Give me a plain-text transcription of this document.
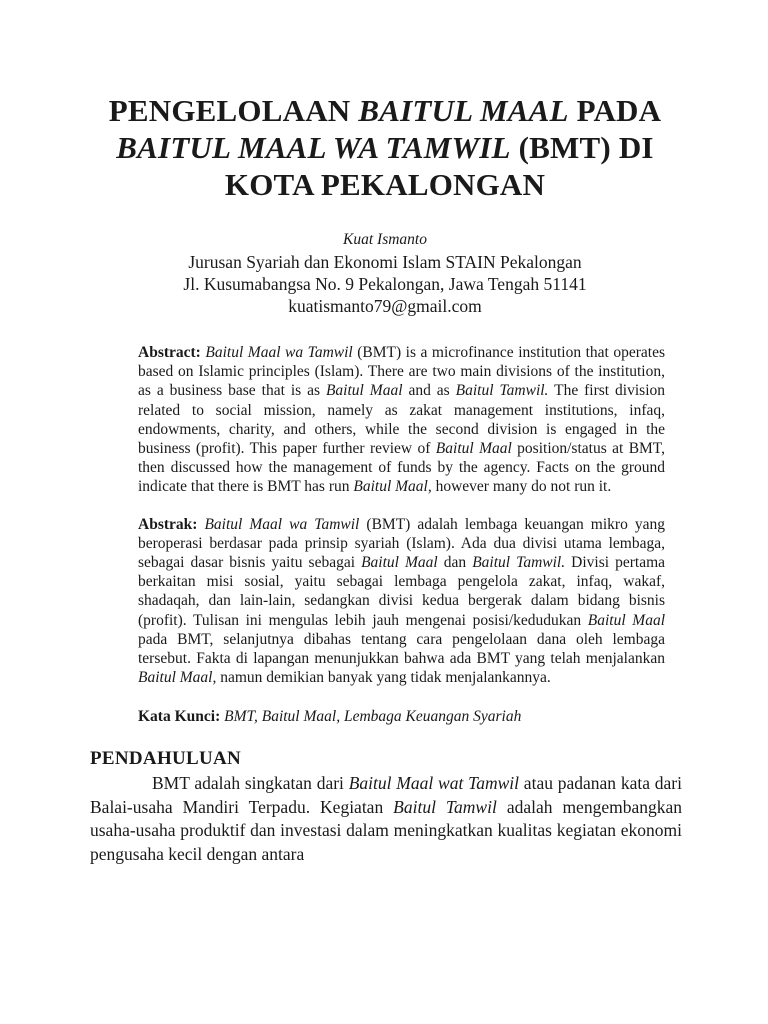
PENGELOLAAN BAITUL MAAL PADA
BAITUL MAAL WA TAMWIL (BMT) DI
KOTA PEKALONGAN
Kuat Ismanto
Jurusan Syariah dan Ekonomi Islam STAIN Pekalongan
Jl. Kusumabangsa No. 9 Pekalongan, Jawa Tengah 51141
kuatismanto79@gmail.com

Abstract: Baitul Maal wa Tamwil (BMT) is a microfinance institution that operates based on Islamic principles (Islam). There are two main divisions of the institution, as a business base that is as Baitul Maal and as Baitul Tamwil. The first division related to social mission, namely as zakat management institutions, infaq, endowments, charity, and others, while the second division is engaged in the business (profit). This paper further review of Baitul Maal position/status at BMT, then discussed how the management of funds by the agency. Facts on the ground indicate that there is BMT has run Baitul Maal, however many do not run it.

Abstrak: Baitul Maal wa Tamwil (BMT) adalah lembaga keuangan mikro yang beroperasi berdasar pada prinsip syariah (Islam). Ada dua divisi utama lembaga, sebagai dasar bisnis yaitu sebagai Baitul Maal dan Baitul Tamwil. Divisi pertama berkaitan misi sosial, yaitu sebagai lembaga pengelola zakat, infaq, wakaf, shadaqah, dan lain-lain, sedangkan divisi kedua bergerak dalam bidang bisnis (profit). Tulisan ini mengulas lebih jauh mengenai posisi/kedudukan Baitul Maal pada BMT, selanjutnya dibahas tentang cara pengelolaan dana oleh lembaga tersebut. Fakta di lapangan menunjukkan bahwa ada BMT yang telah menjalankan Baitul Maal, namun demikian banyak yang tidak menjalankannya.

Kata Kunci: BMT, Baitul Maal, Lembaga Keuangan Syariah

PENDAHULUAN

BMT adalah singkatan dari Baitul Maal wat Tamwil atau padanan kata dari Balai-usaha Mandiri Terpadu. Kegiatan Baitul Tamwil adalah mengembangkan usaha-usaha produktif dan investasi dalam meningkatkan kualitas kegiatan ekonomi pengusaha kecil dengan antara
